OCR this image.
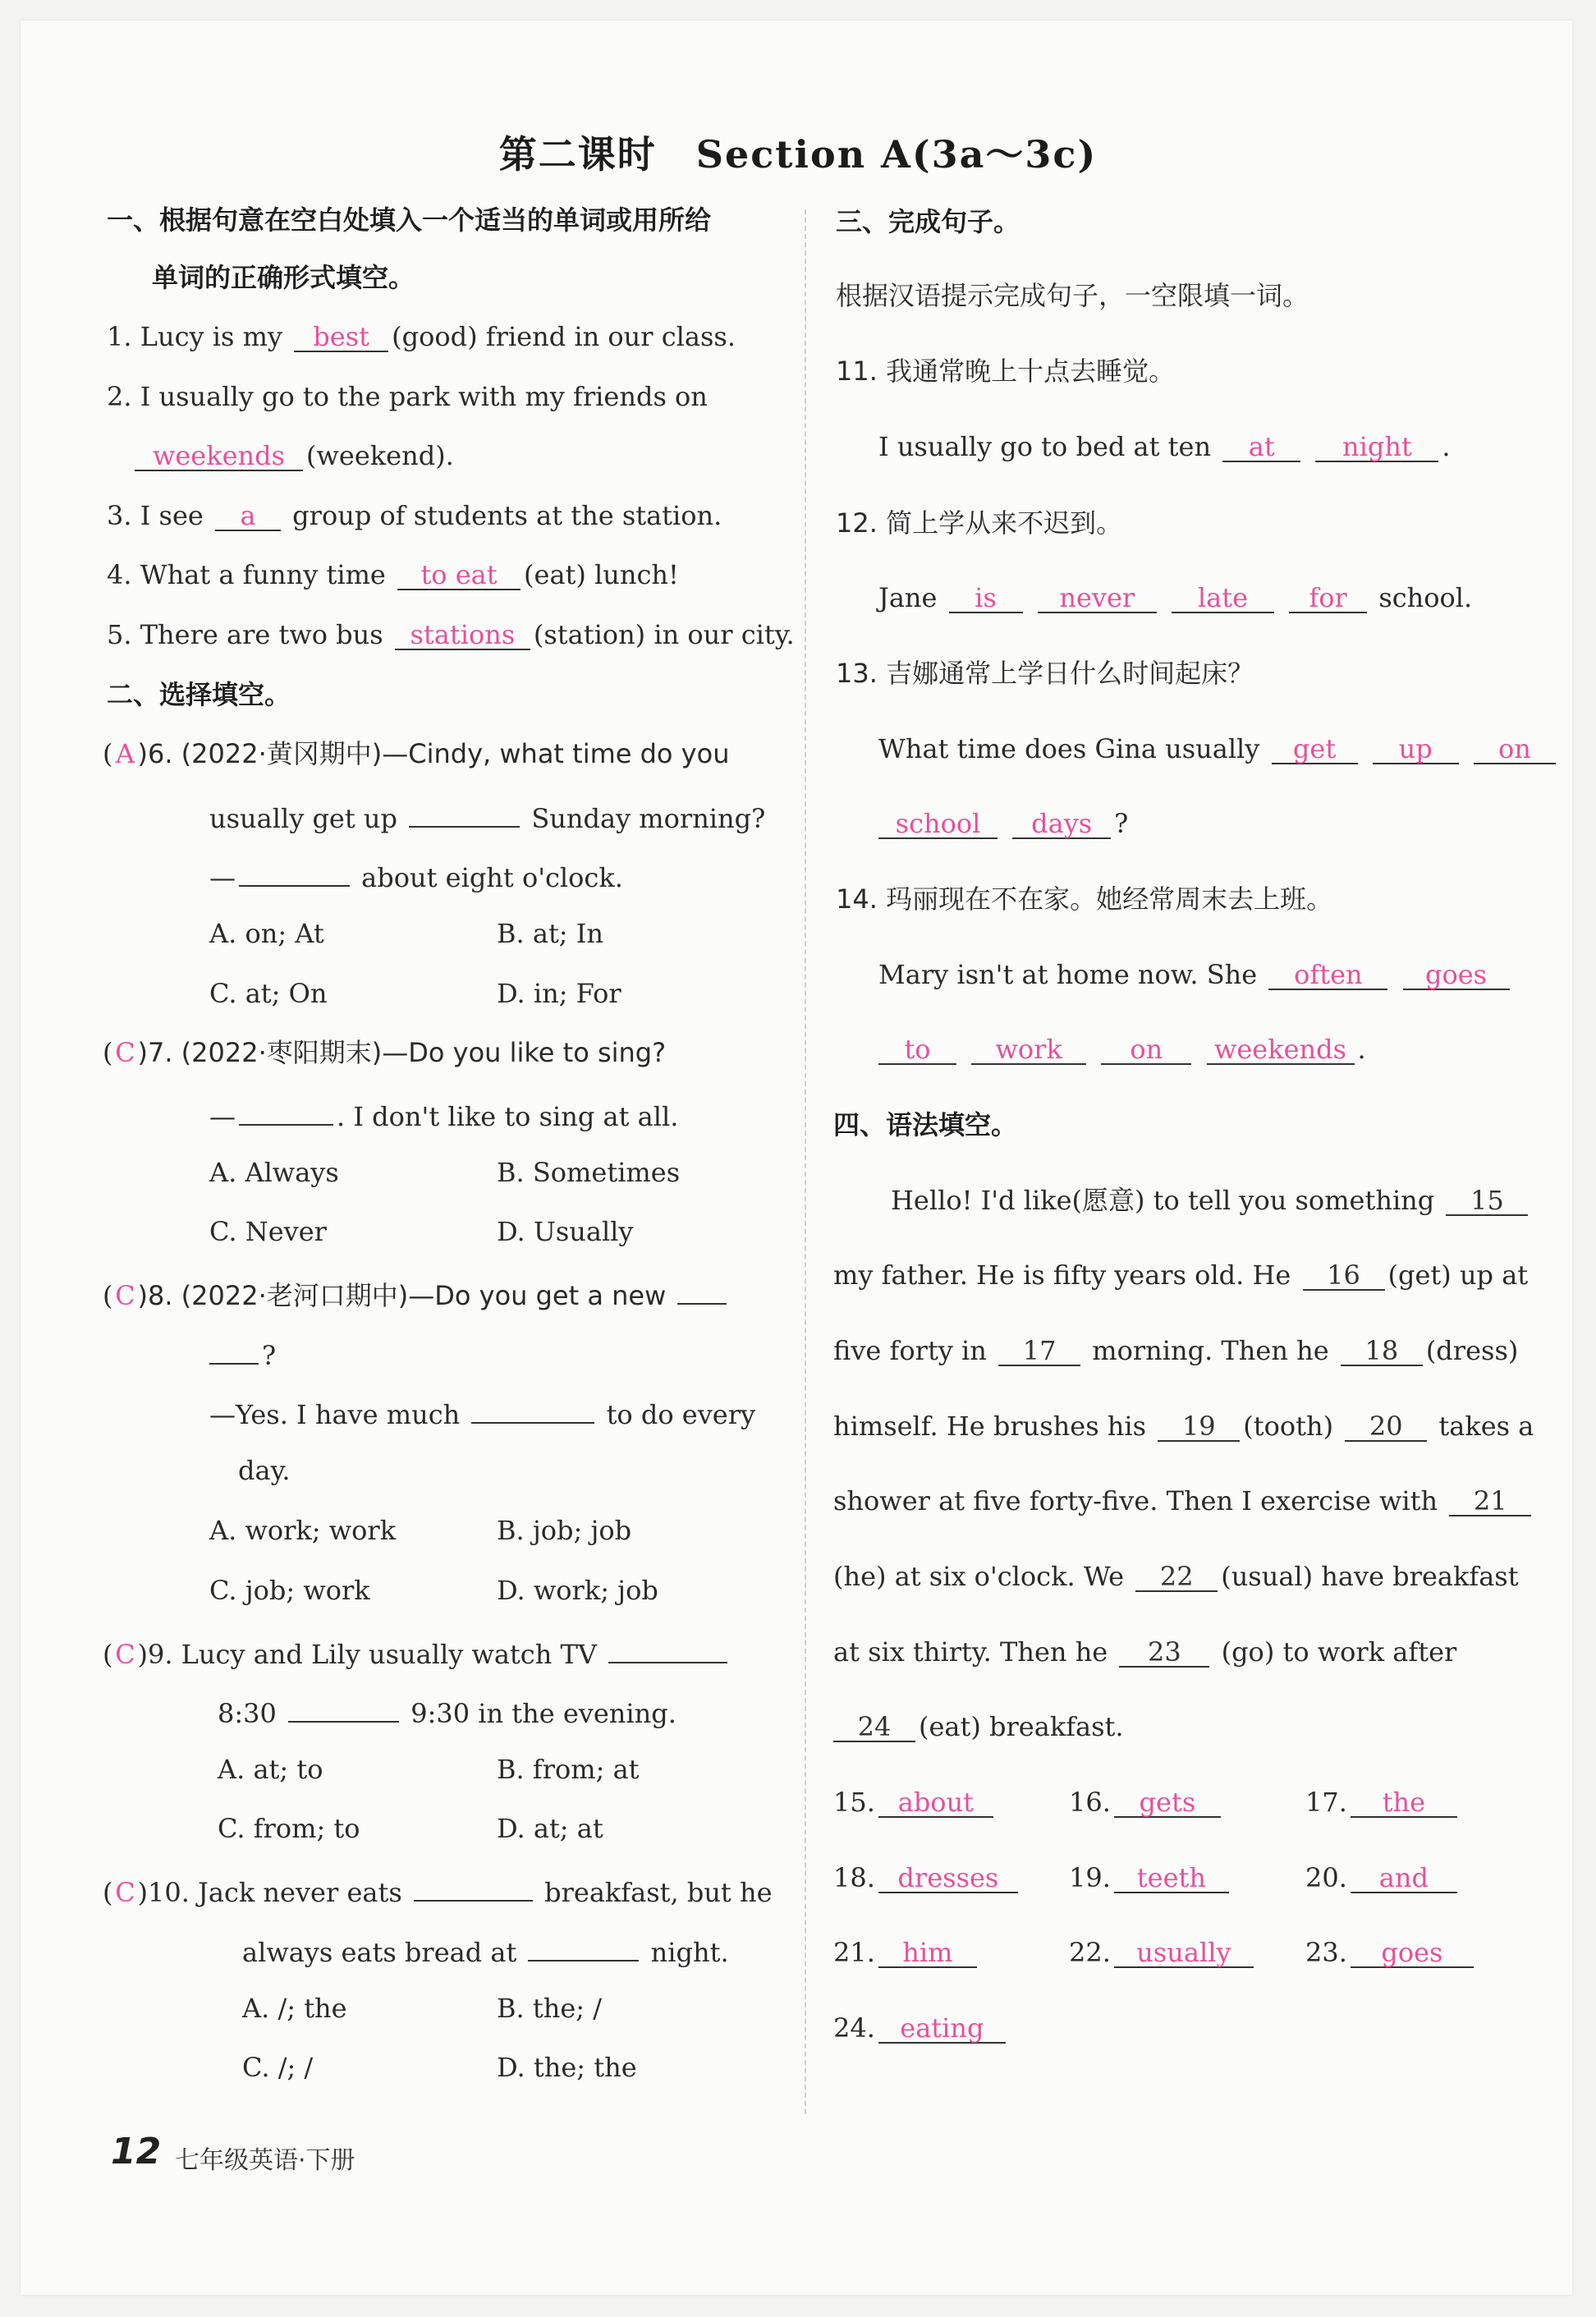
第二课时　Section A(3a～3c)
一、根据句意在空白处填入一个适当的单词或用所给
单词的正确形式填空。
1. Lucy is my best (good) friend in our class.
2. I usually go to the park with my friends on
weekends (weekend).
3. I see a group of students at the station.
4. What a funny time to eat (eat) lunch!
5. There are two bus stations (station) in our city.
二、选择填空。
( A )6. (2022·黄冈期中)—Cindy, what time do you
usually get up	Sunday morning?
—	about eight o'clock.
A. on; At	B. at; In
C. at; On	D. in; For
(C)7. (2022·枣阳期末)—Do you like to sing?
—	. I don't like to sing at all.
A. Always	B. Sometimes
C. Never	D. Usually
(C)8. (2022·老河口期中)—Do you get a new
?
—Yes. I have much	to do every
day.
A. work; work	B. job; job
C. job; work	D. work; job
(C)9. Lucy and Lily usually watch TV
8:30	9:30 in the evening.
A. at; to	B. from; at
C. from; to	D. at; at
(C)10. Jack never eats	breakfast, but he
always eats bread at	night.
A. /; the	B. the; /
C. /; /	D. the; the
三、完成句子。
根据汉语提示完成句子，一空限填一词。
11. 我通常晚上十点去睡觉。
I usually go to bed at ten at	night .
12. 简上学从来不迟到。
Jane is never late for school.
13. 吉娜通常上学日什么时间起床？
What time does Gina usually get up	on
school days ?
14. 玛丽现在不在家。她经常周末去上班。
Mary isn't at home now. She often goes
to work	on weekends .
四、语法填空。
Hello! I'd like(愿意) to tell you something 15
my father. He is fifty years old. He 16 (get) up at
five forty in 17 morning. Then he 18 (dress)
himself. He brushes his 19 (tooth) 20 takes a
shower at five forty-five. Then I exercise with 21
(he) at six o'clock. We 22 (usual) have breakfast
at six thirty. Then he 23 (go) to work after
24 (eat) breakfast.
15. about	16. gets	17. the
18. dresses	19. teeth	20. and
21. him	22. usually	23. goes
24. eating
12 七年级英语·下册
